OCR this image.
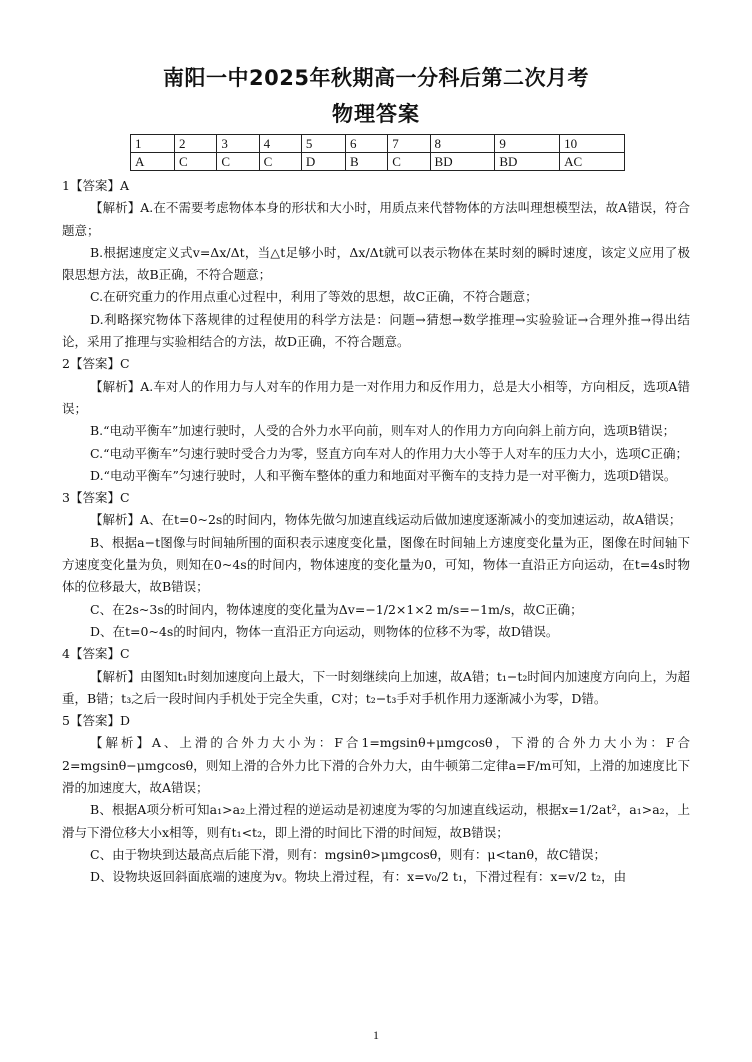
南阳一中2025年秋期高一分科后第二次月考
物理答案
1	2	3	4	5	6	7	8	9	10
A	C	C	C	D	B	C	BD	BD	AC

1【答案】A

【解析】A.在不需要考虑物体本身的形状和大小时，用质点来代替物体的方法叫理想模型法，故A错误，符合题意；

B.根据速度定义式v=Δx/Δt，当△t足够小时，Δx/Δt就可以表示物体在某时刻的瞬时速度，该定义应用了极限思想方法，故B正确，不符合题意；

C.在研究重力的作用点重心过程中，利用了等效的思想，故C正确，不符合题意；

D.利略探究物体下落规律的过程使用的科学方法是：问题→猜想→数学推理→实验验证→合理外推→得出结论，采用了推理与实验相结合的方法，故D正确，不符合题意。

2【答案】C

【解析】A.车对人的作用力与人对车的作用力是一对作用力和反作用力，总是大小相等，方向相反，选项A错误；

B.“电动平衡车”加速行驶时，人受的合外力水平向前，则车对人的作用力方向向斜上前方向，选项B错误；

C.“电动平衡车”匀速行驶时受合力为零，竖直方向车对人的作用力大小等于人对车的压力大小，选项C正确；

D.“电动平衡车”匀速行驶时，人和平衡车整体的重力和地面对平衡车的支持力是一对平衡力，选项D错误。

3【答案】C

【解析】A、在t=0~2s的时间内，物体先做匀加速直线运动后做加速度逐渐减小的变加速运动，故A错误；

B、根据a−t图像与时间轴所围的面积表示速度变化量，图像在时间轴上方速度变化量为正，图像在时间轴下方速度变化量为负，则知在0~4s的时间内，物体速度的变化量为0，可知，物体一直沿正方向运动，在t=4s时物体的位移最大，故B错误；

C、在2s~3s的时间内，物体速度的变化量为Δv=−1/2×1×2 m/s=−1m/s，故C正确；

D、在t=0~4s的时间内，物体一直沿正方向运动，则物体的位移不为零，故D错误。

4【答案】C

【解析】由图知t₁时刻加速度向上最大，下一时刻继续向上加速，故A错；t₁−t₂时间内加速度方向向上，为超重，B错；t₃之后一段时间内手机处于完全失重，C对；t₂−t₃手对手机作用力逐渐减小为零，D错。

5【答案】D

【解析】A、上滑的合外力大小为：F合1=mgsinθ+μmgcosθ，下滑的合外力大小为：F合2=mgsinθ−μmgcosθ，则知上滑的合外力比下滑的合外力大，由牛顿第二定律a=F/m可知，上滑的加速度比下滑的加速度大，故A错误；

B、根据A项分析可知a₁>a₂上滑过程的逆运动是初速度为零的匀加速直线运动，根据x=1/2at²，a₁>a₂，上滑与下滑位移大小x相等，则有t₁<t₂，即上滑的时间比下滑的时间短，故B错误；

C、由于物块到达最高点后能下滑，则有：mgsinθ>μmgcosθ，则有：μ<tanθ，故C错误；

D、设物块返回斜面底端的速度为v。物块上滑过程，有：x=v₀/2 t₁，下滑过程有：x=v/2 t₂，由

1
